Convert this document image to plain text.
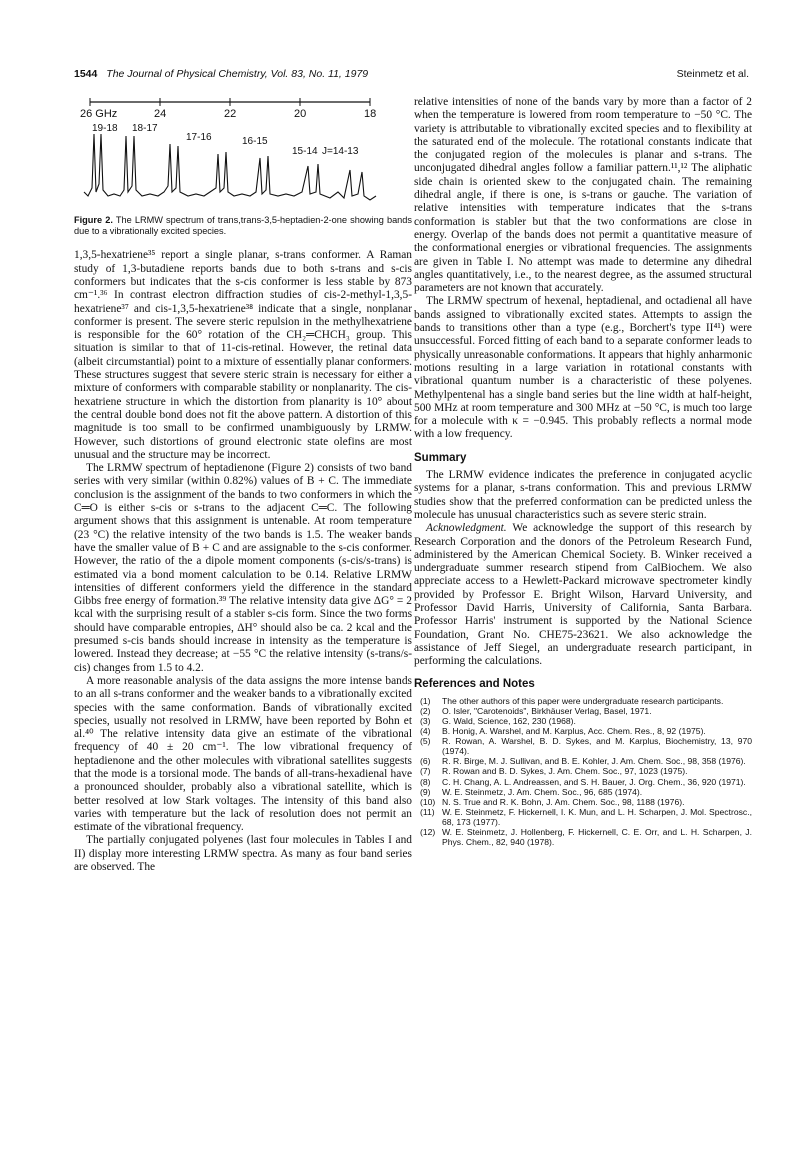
1544 The Journal of Physical Chemistry, Vol. 83, No. 11, 1979	Steinmetz et al.
26 GHz	24	22	20	18
19-18 18-17
17-16	16-15
15-14 J=14-13
Figure 2. The LRMW spectrum of trans,trans-3,5-heptadien-2-one showing bands due to a vibrationally excited species.

1,3,5-hexatriene³⁵ report a single planar, s-trans conformer. A Raman study of 1,3-butadiene reports bands due to both s-trans and s-cis conformers but indicates that the s-cis conformer is less stable by 873 cm⁻¹.³⁶ In contrast electron diffraction studies of cis-2-methyl-1,3,5-hexatriene³⁷ and cis-1,3,5-hexatriene³⁸ indicate that a single, nonplanar conformer is present. The severe steric repulsion in the methylhexatriene is responsible for the 60° rotation of the CH₂═CHCH₃ group. This situation is similar to that of 11-cis-retinal. However, the retinal data (albeit circumstantial) point to a mixture of essentially planar conformers. These structures suggest that severe steric strain is necessary for either a mixture of conformers with comparable stability or nonplanarity. The cis-hexatriene structure in which the distortion from planarity is 10° about the central double bond does not fit the above pattern. A distortion of this magnitude is too small to be confirmed unambiguously by LRMW. However, such distortions of ground electronic state olefins are most unusual and the structure may be incorrect.

The LRMW spectrum of heptadienone (Figure 2) consists of two band series with very similar (within 0.82%) values of B + C. The immediate conclusion is the assignment of the bands to two conformers in which the C═O is either s-cis or s-trans to the adjacent C═C. The following argument shows that this assignment is untenable. At room temperature (23 °C) the relative intensity of the two bands is 1.5. The weaker bands have the smaller value of B + C and are assignable to the s-cis conformer. However, the ratio of the a dipole moment components (s-cis/s-trans) is estimated via a bond moment calculation to be 0.14. Relative LRMW intensities of different conformers yield the difference in the standard Gibbs free energy of formation.³⁹ The relative intensity data give ΔG° = 2 kcal with the surprising result of a stabler s-cis form. Since the two forms should have comparable entropies, ΔH° should also be ca. 2 kcal and the presumed s-cis bands should increase in intensity as the temperature is lowered. Instead they decrease; at −55 °C the relative intensity (s-trans/s-cis) changes from 1.5 to 4.2.

A more reasonable analysis of the data assigns the more intense bands to an all s-trans conformer and the weaker bands to a vibrationally excited species with the same conformation. Bands of vibrationally excited species, usually not resolved in LRMW, have been reported by Bohn et al.⁴⁰ The relative intensity data give an estimate of the vibrational frequency of 40 ± 20 cm⁻¹. The low vibrational frequency of heptadienone and the other molecules with vibrational satellites suggests that the mode is a torsional mode. The bands of all-trans-hexadienal have a pronounced shoulder, probably also a vibrational satellite, which is better resolved at low Stark voltages. The intensity of this band also varies with temperature but the lack of resolution does not permit an estimate of the vibrational frequency.

The partially conjugated polyenes (last four molecules in Tables I and II) display more interesting LRMW spectra. As many as four band series are observed. The

relative intensities of none of the bands vary by more than a factor of 2 when the temperature is lowered from room temperature to −50 °C. The variety is attributable to vibrationally excited species and to flexibility at the saturated end of the molecule. The rotational constants indicate that the conjugated region of the molecules is planar and s-trans. The unconjugated dihedral angles follow a familiar pattern.¹¹,¹² The aliphatic side chain is oriented skew to the conjugated chain. The remaining dihedral angle, if there is one, is s-trans or gauche. The variation of relative intensities with temperature indicates that the s-trans conformation is stabler but that the two conformations are close in energy. Overlap of the bands does not permit a quantitative measure of the conformational energies or vibrational frequencies. The assignments are given in Table I. No attempt was made to determine any dihedral angles quantitatively, i.e., to the nearest degree, as the assumed structural parameters are not known that accurately.

The LRMW spectrum of hexenal, heptadienal, and octadienal all have bands assigned to vibrationally excited states. Attempts to assign the bands to transitions other than a type (e.g., Borchert's type II⁴¹) were unsuccessful. Forced fitting of each band to a separate conformer leads to physically unreasonable conformations. It appears that highly anharmonic motions resulting in a large variation in rotational constants with vibrational quantum number is a characteristic of these polyenes. Methylpentenal has a single band series but the line width at half-height, 500 MHz at room temperature and 300 MHz at −50 °C, is much too large for a molecule with κ = −0.945. This probably reflects a normal mode with a low frequency.

Summary

The LRMW evidence indicates the preference in conjugated acyclic systems for a planar, s-trans conformation. This and previous LRMW studies show that the preferred conformation can be predicted unless the molecule has unusual characteristics such as severe steric strain.

Acknowledgment. We acknowledge the support of this research by Research Corporation and the donors of the Petroleum Research Fund, administered by the American Chemical Society. B. Winker received a undergraduate summer research stipend from CalBiochem. We also appreciate access to a Hewlett-Packard microwave spectrometer kindly provided by Professor E. Bright Wilson, Harvard University, and Professor David Harris, University of California, Santa Barbara. Professor Harris' instrument is supported by the National Science Foundation, Grant No. CHE75-23621. We also acknowledge the assistance of Jeff Siegel, an undergraduate research participant, in performing the calculations.

References and Notes
(1) The other authors of this paper were undergraduate research participants.
(2) O. Isler, "Carotenoids", Birkhäuser Verlag, Basel, 1971.
(3) G. Wald, Science, 162, 230 (1968).
(4) B. Honig, A. Warshel, and M. Karplus, Acc. Chem. Res., 8, 92 (1975).
(5) R. Rowan, A. Warshel, B. D. Sykes, and M. Karplus, Biochemistry, 13, 970 (1974).
(6) R. R. Birge, M. J. Sullivan, and B. E. Kohler, J. Am. Chem. Soc., 98, 358 (1976).
(7) R. Rowan and B. D. Sykes, J. Am. Chem. Soc., 97, 1023 (1975).
(8) C. H. Chang, A. L. Andreassen, and S. H. Bauer, J. Org. Chem., 36, 920 (1971).
(9) W. E. Steinmetz, J. Am. Chem. Soc., 96, 685 (1974).
(10) N. S. True and R. K. Bohn, J. Am. Chem. Soc., 98, 1188 (1976).
(11) W. E. Steinmetz, F. Hickernell, I. K. Mun, and L. H. Scharpen, J. Mol. Spectrosc., 68, 173 (1977).
(12) W. E. Steinmetz, J. Hollenberg, F. Hickernell, C. E. Orr, and L. H. Scharpen, J. Phys. Chem., 82, 940 (1978).
